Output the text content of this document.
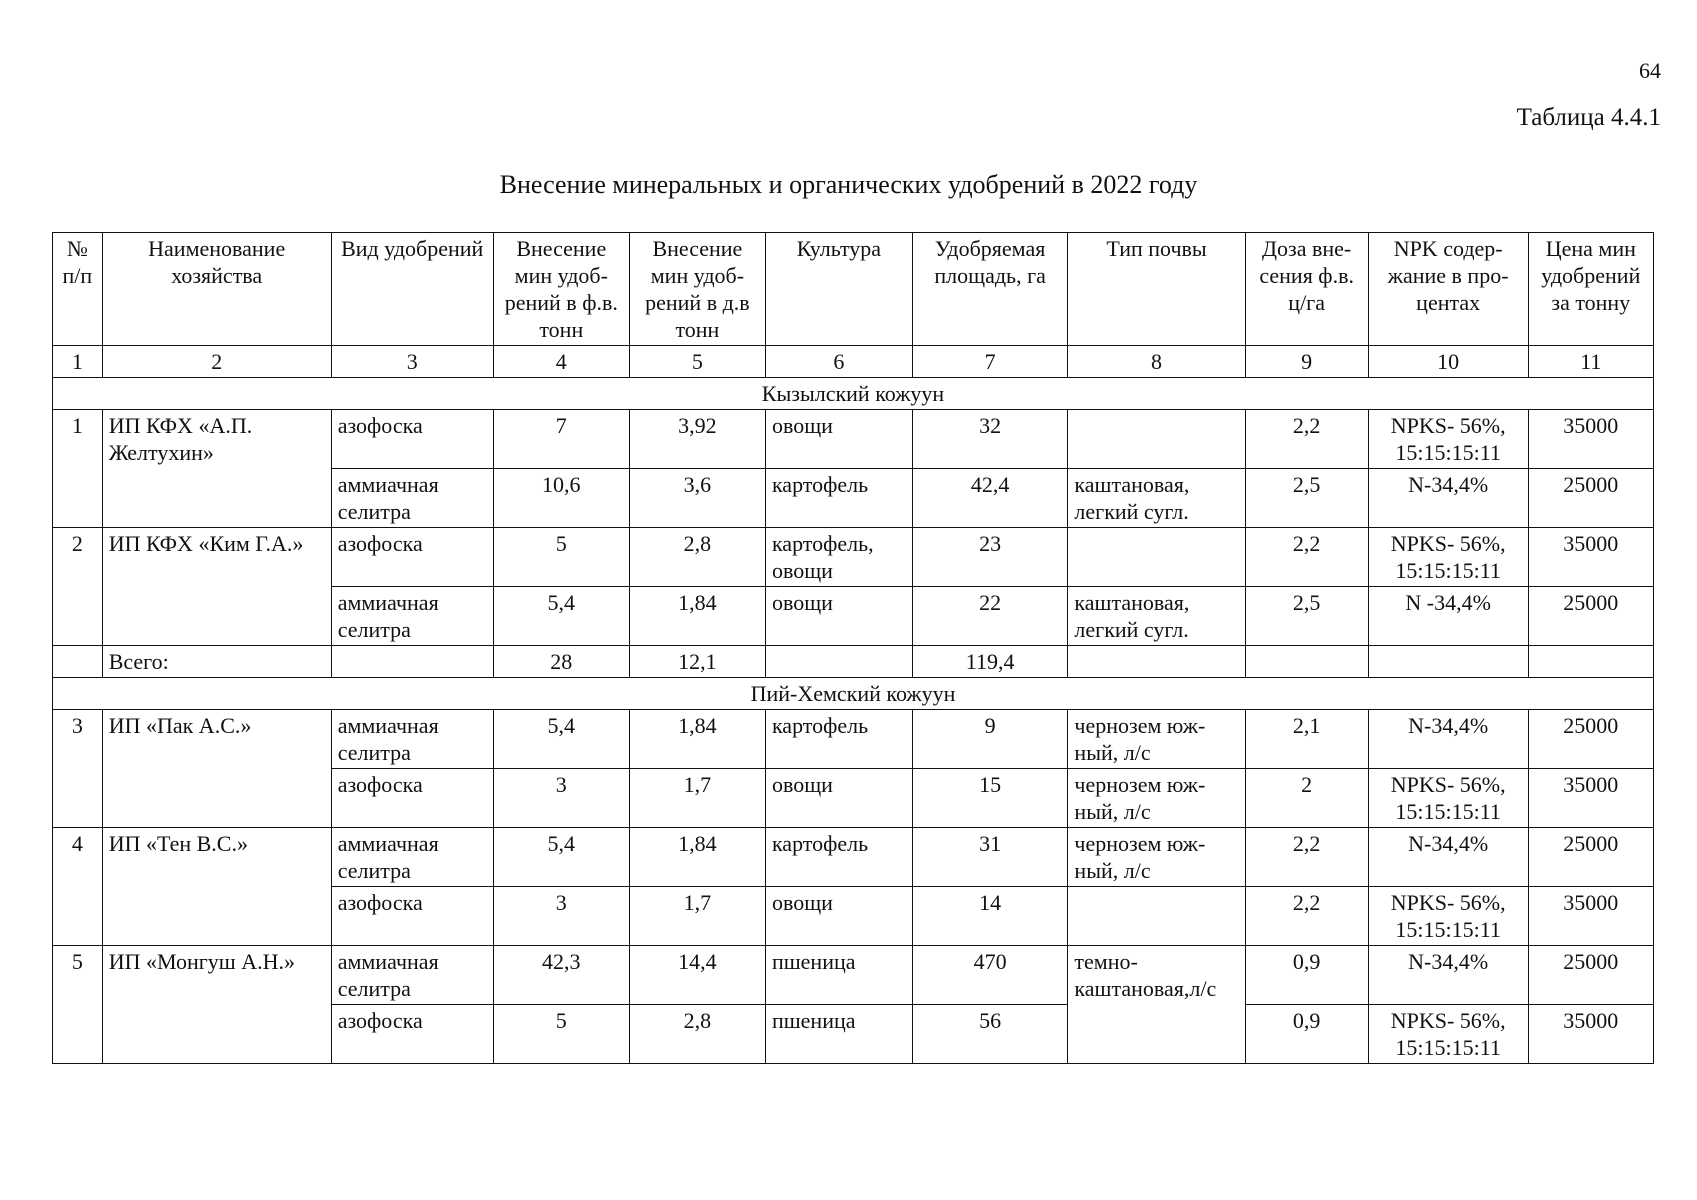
64
Таблица 4.4.1
Внесение минеральных и органических удобрений в 2022 году
№ п/п	Наименование хозяйства	Вид удобрений	Внесение мин удоб-рений в ф.в. тонн	Внесение мин удоб-рений в д.в тонн	Культура	Удобряемая площадь, га	Тип почвы	Доза вне-сения ф.в. ц/га	NPK содер-жание в про-центах	Цена мин удобрений за тонну
1	2	3	4	5	6	7	8	9	10	11
Кызылский кожуун										
1	ИП КФХ «А.П. Желтухин»	азофоска	7	3,92	овощи	32		2,2	NPKS- 56%, 15:15:15:11	35000
		аммиачная селитра	10,6	3,6	картофель	42,4	каштановая, легкий сугл.	2,5	N-34,4%	25000
2	ИП КФХ «Ким Г.А.»	азофоска	5	2,8	картофель, овощи	23		2,2	NPKS- 56%, 15:15:15:11	35000
		аммиачная селитра	5,4	1,84	овощи	22	каштановая, легкий сугл.	2,5	N -34,4%	25000
	Всего:		28	12,1		119,4				
Пий-Хемский кожуун										
3	ИП «Пак А.С.»	аммиачная селитра	5,4	1,84	картофель	9	чернозем юж-ный, л/с	2,1	N-34,4%	25000
		азофоска	3	1,7	овощи	15	чернозем юж-ный, л/с	2	NPKS- 56%, 15:15:15:11	35000
4	ИП «Тен В.С.»	аммиачная селитра	5,4	1,84	картофель	31	чернозем юж-ный, л/с	2,2	N-34,4%	25000
		азофоска	3	1,7	овощи	14		2,2	NPKS- 56%, 15:15:15:11	35000
5	ИП «Монгуш А.Н.»	аммиачная селитра	42,3	14,4	пшеница	470	темно-каштановая,л/с	0,9	N-34,4%	25000
		азофоска	5	2,8	пшеница	56		0,9	NPKS- 56%, 15:15:15:11	35000
